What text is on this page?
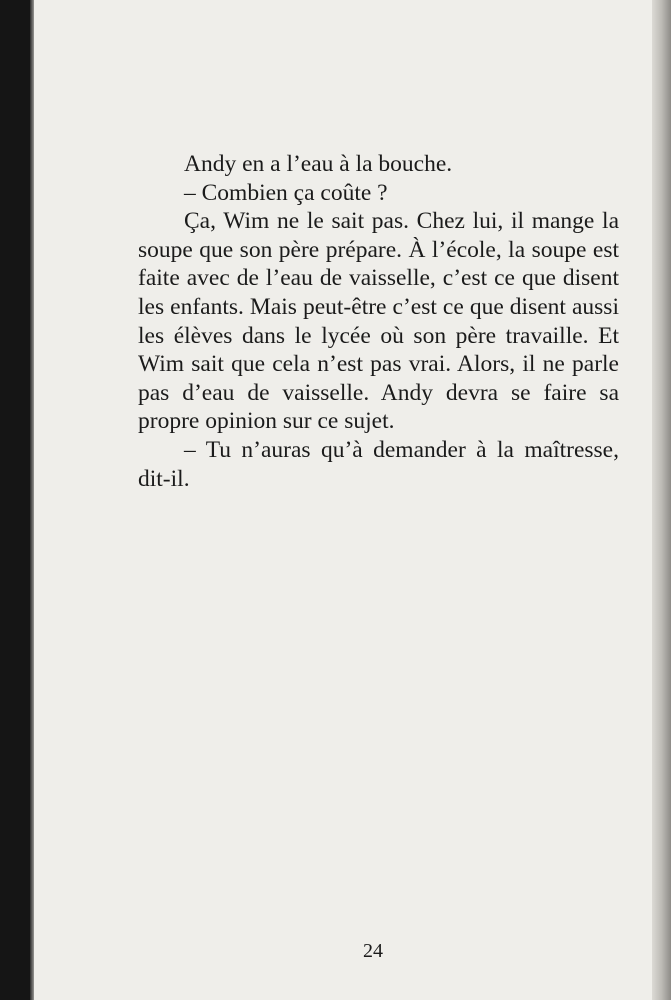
Andy en a l’eau à la bouche.

– Combien ça coûte ?

Ça, Wim ne le sait pas. Chez lui, il mange la soupe que son père prépare. À l’école, la soupe est faite avec de l’eau de vaisselle, c’est ce que disent les enfants. Mais peut-être c’est ce que disent aussi les élèves dans le lycée où son père travaille. Et Wim sait que cela n’est pas vrai. Alors, il ne parle pas d’eau de vaisselle. Andy devra se faire sa propre opinion sur ce sujet.

– Tu n’auras qu’à demander à la maîtresse, dit-il.

24
